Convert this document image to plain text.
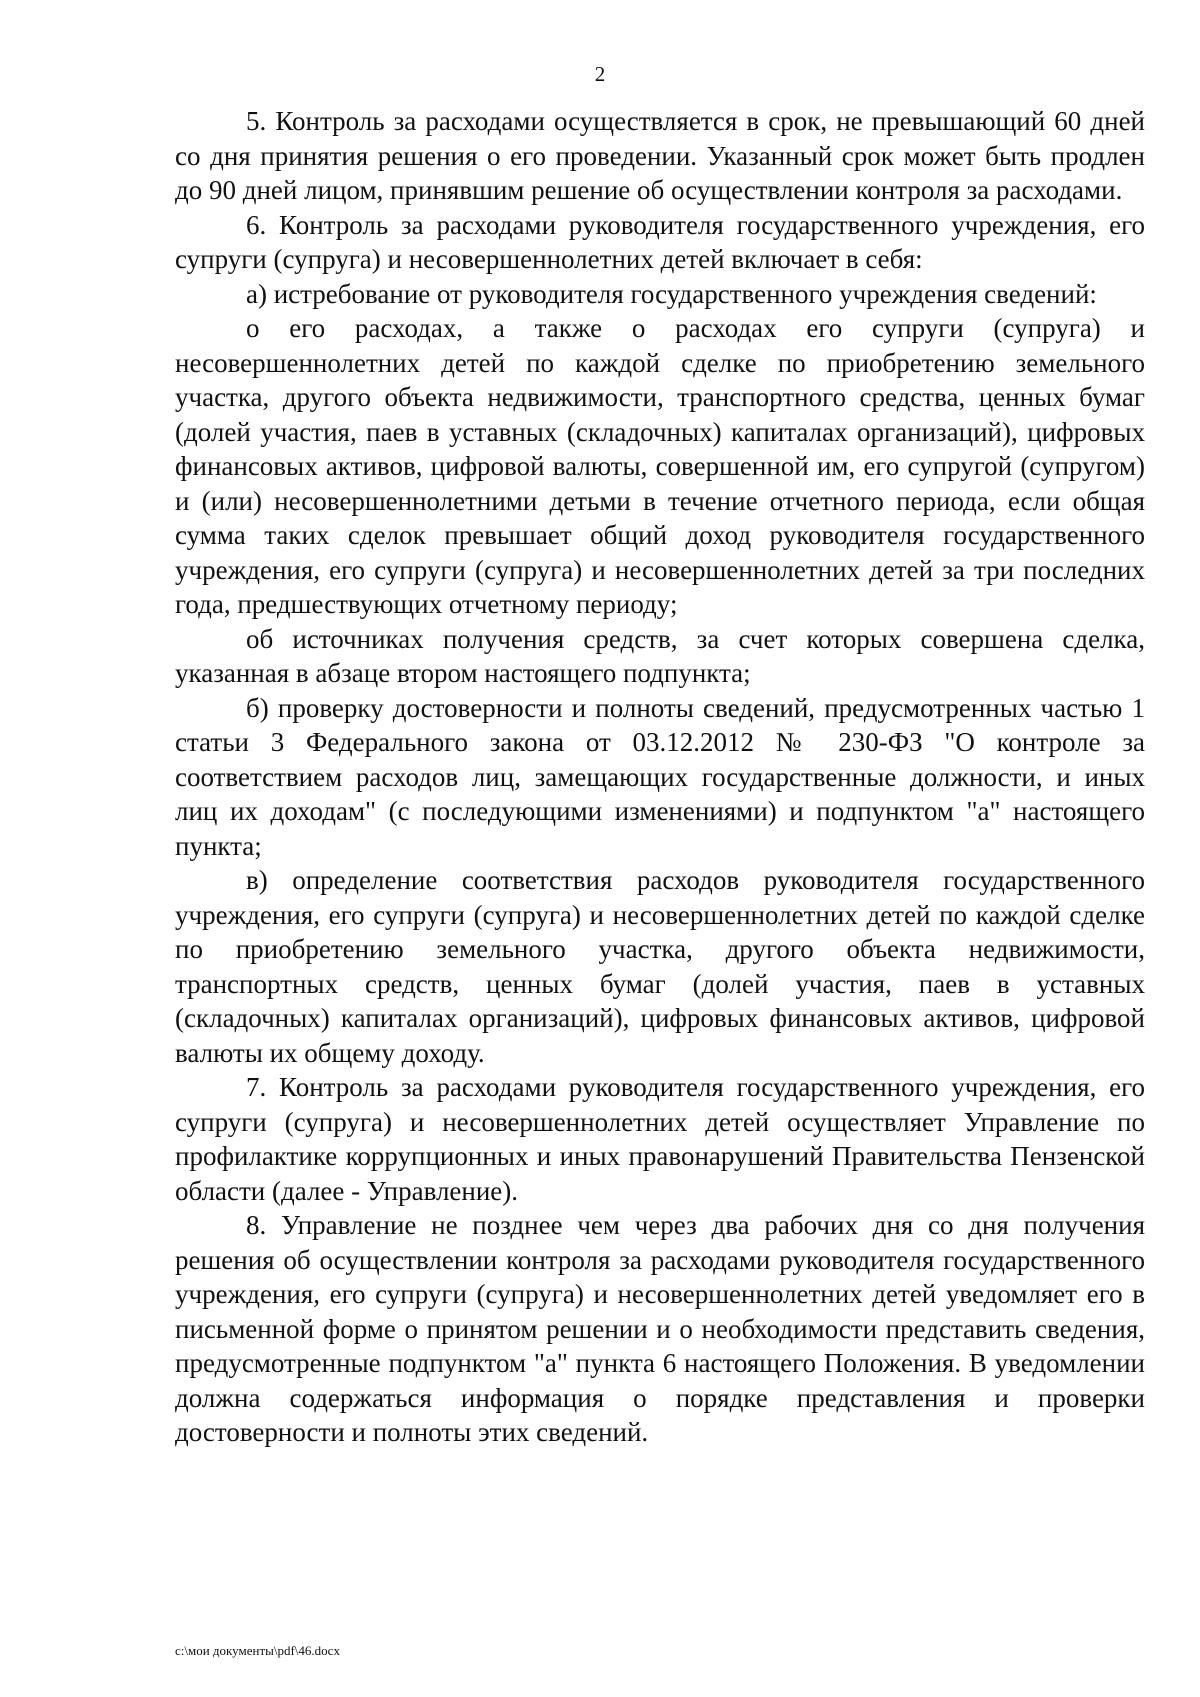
2

5. Контроль за расходами осуществляется в срок, не превышающий 60 дней со дня принятия решения о его проведении. Указанный срок может быть продлен до 90 дней лицом, принявшим решение об осуществлении контроля за расходами.

6. Контроль за расходами руководителя государственного учреждения, его супруги (супруга) и несовершеннолетних детей включает в себя:

а) истребование от руководителя государственного учреждения сведений:

о его расходах, а также о расходах его супруги (супруга) и несовершеннолетних детей по каждой сделке по приобретению земельного участка, другого объекта недвижимости, транспортного средства, ценных бумаг (долей участия, паев в уставных (складочных) капиталах организаций), цифровых финансовых активов, цифровой валюты, совершенной им, его супругой (супругом) и (или) несовершеннолетними детьми в течение отчетного периода, если общая сумма таких сделок превышает общий доход руководителя государственного учреждения, его супруги (супруга) и несовершеннолетних детей за три последних года, предшествующих отчетному периоду;

об источниках получения средств, за счет которых совершена сделка, указанная в абзаце втором настоящего подпункта;

б) проверку достоверности и полноты сведений, предусмотренных частью 1 статьи 3 Федерального закона от 03.12.2012 № 230-ФЗ "О контроле за соответствием расходов лиц, замещающих государственные должности, и иных лиц их доходам" (с последующими изменениями) и подпунктом "а" настоящего пункта;

в) определение соответствия расходов руководителя государственного учреждения, его супруги (супруга) и несовершеннолетних детей по каждой сделке по приобретению земельного участка, другого объекта недвижимости, транспортных средств, ценных бумаг (долей участия, паев в уставных (складочных) капиталах организаций), цифровых финансовых активов, цифровой валюты их общему доходу.

7. Контроль за расходами руководителя государственного учреждения, его супруги (супруга) и несовершеннолетних детей осуществляет Управление по профилактике коррупционных и иных правонарушений Правительства Пензенской области (далее - Управление).

8. Управление не позднее чем через два рабочих дня со дня получения решения об осуществлении контроля за расходами руководителя государственного учреждения, его супруги (супруга) и несовершеннолетних детей уведомляет его в письменной форме о принятом решении и о необходимости представить сведения, предусмотренные подпунктом "а" пункта 6 настоящего Положения. В уведомлении должна содержаться информация о порядке представления и проверки достоверности и полноты этих сведений.

c:\мои документы\pdf\46.docx
